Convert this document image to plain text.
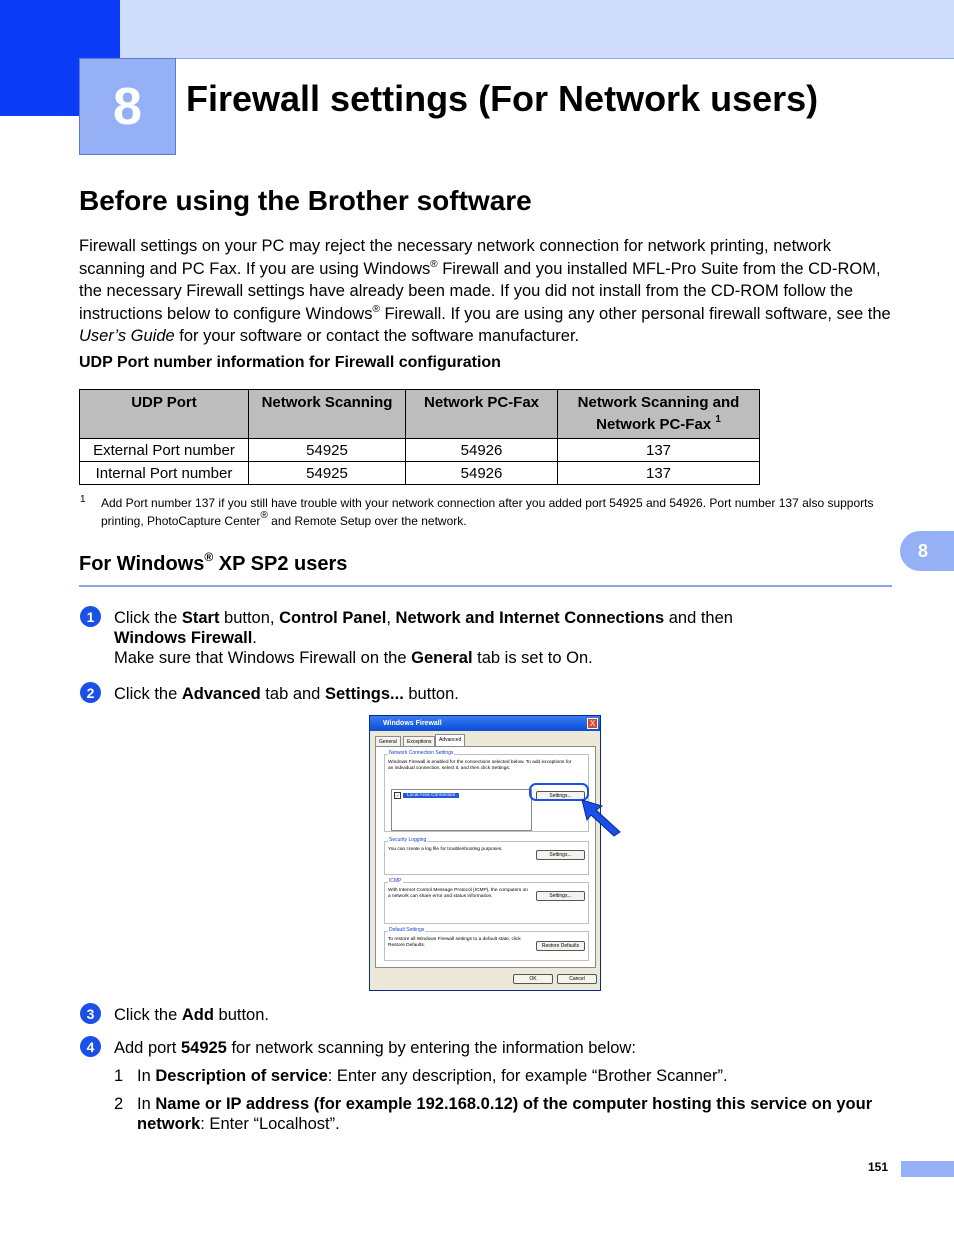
8	Firewall settings (For Network users)
Before using the Brother software
Firewall settings on your PC may reject the necessary network connection for network printing, network scanning and PC Fax. If you are using Windows® Firewall and you installed MFL-Pro Suite from the CD-ROM, the necessary Firewall settings have already been made. If you did not install from the CD-ROM follow the instructions below to configure Windows® Firewall. If you are using any other personal firewall software, see the User’s Guide for your software or contact the software manufacturer.
UDP Port number information for Firewall configuration
UDP Port	Network Scanning	Network PC-Fax	Network Scanning and Network PC-Fax $^1$
External Port number	54925	54926	137
Internal Port number	54925	54926	137
1 Add Port number 137 if you still have trouble with your network connection after you added port 54925 and 54926. Port number 137 also supports printing, PhotoCapture Center® and Remote Setup over the network.
For Windows® XP SP2 users
8
1	Click the Start button, Control Panel, Network and Internet Connections and then
Windows Firewall.
Make sure that Windows Firewall on the General tab is set to On.
2	Click the Advanced tab and Settings... button.
Windows Firewall	X
General	Exceptions	Advanced
Network Connection Settings
Windows Firewall is enabled for the connections selected below. To add exceptions for an individual connection, select it, and then click Settings:
✓ Local Area Connection	Settings...
Security Logging
You can create a log file for troubleshooting purposes.
Settings...
ICMP
With Internet Control Message Protocol (ICMP), the computers on a network can share error and status information.	Settings...
Default Settings
To restore all Windows Firewall settings to a default state, click Restore Defaults.	Restore Defaults
OK	Cancel
3	Click the Add button.
4	Add port 54925 for network scanning by entering the information below:
1 In Description of service: Enter any description, for example “Brother Scanner”.
2 In Name or IP address (for example 192.168.0.12) of the computer hosting this service on your network: Enter “Localhost”.
151
